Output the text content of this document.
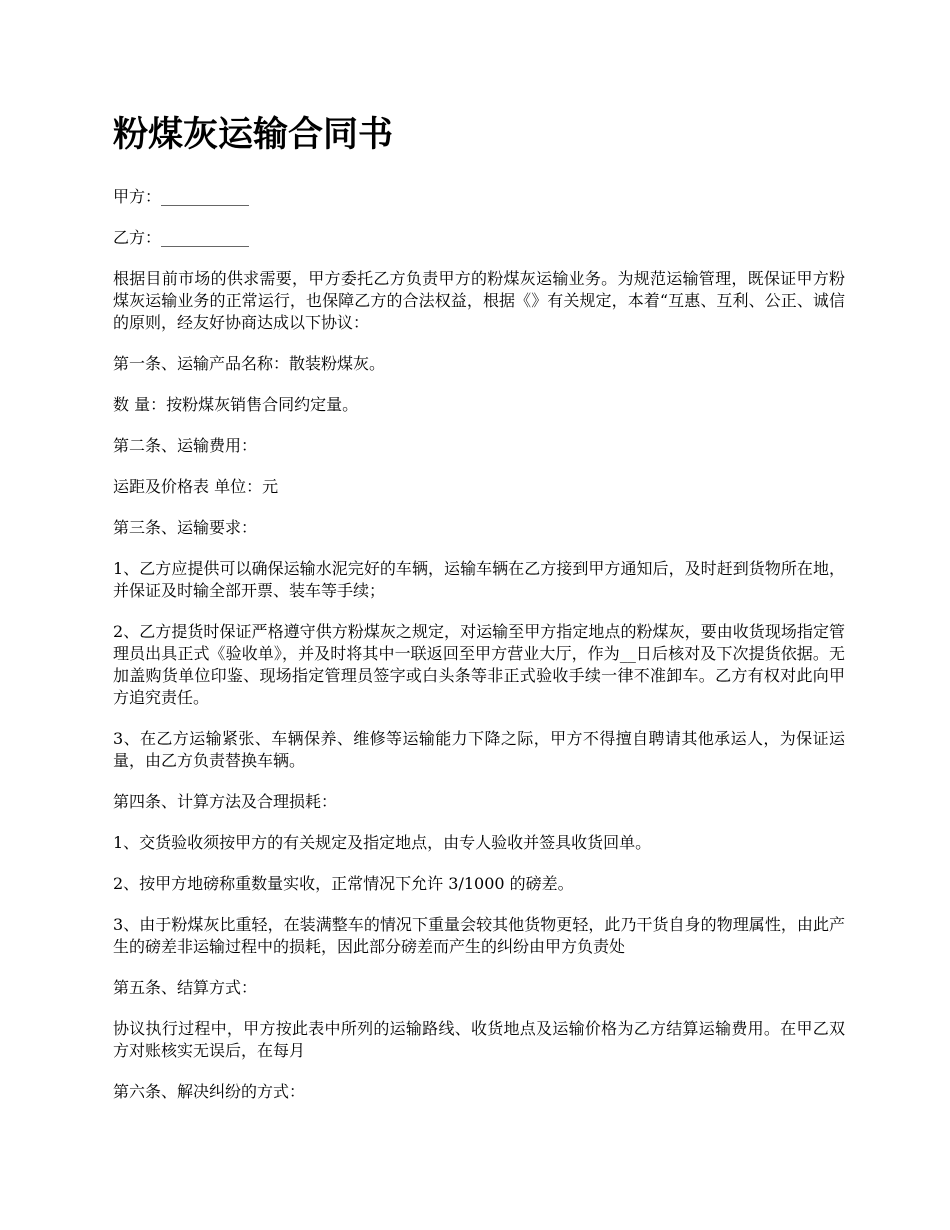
粉煤灰运输合同书

甲方：___________

乙方：___________

根据目前市场的供求需要，甲方委托乙方负责甲方的粉煤灰运输业务。为规范运输管理，既保证甲方粉煤灰运输业务的正常运行，也保障乙方的合法权益，根据《》有关规定，本着“互惠、互利、公正、诚信的原则，经友好协商达成以下协议：

第一条、运输产品名称：散装粉煤灰。

数 量：按粉煤灰销售合同约定量。

第二条、运输费用：

运距及价格表 单位：元

第三条、运输要求：

1、乙方应提供可以确保运输水泥完好的车辆，运输车辆在乙方接到甲方通知后，及时赶到货物所在地，并保证及时输全部开票、装车等手续；

2、乙方提货时保证严格遵守供方粉煤灰之规定，对运输至甲方指定地点的粉煤灰，要由收货现场指定管理员出具正式《验收单》，并及时将其中一联返回至甲方营业大厅，作为__日后核对及下次提货依据。无加盖购货单位印鉴、现场指定管理员签字或白头条等非正式验收手续一律不准卸车。乙方有权对此向甲方追究责任。

3、在乙方运输紧张、车辆保养、维修等运输能力下降之际，甲方不得擅自聘请其他承运人，为保证运量，由乙方负责替换车辆。

第四条、计算方法及合理损耗：

1、交货验收须按甲方的有关规定及指定地点，由专人验收并签具收货回单。

2、按甲方地磅称重数量实收，正常情况下允许 3/1000 的磅差。

3、由于粉煤灰比重轻，在装满整车的情况下重量会较其他货物更轻，此乃干货自身的物理属性，由此产生的磅差非运输过程中的损耗，因此部分磅差而产生的纠纷由甲方负责处

第五条、结算方式：

协议执行过程中，甲方按此表中所列的运输路线、收货地点及运输价格为乙方结算运输费用。在甲乙双方对账核实无误后，在每月

第六条、解决纠纷的方式：
